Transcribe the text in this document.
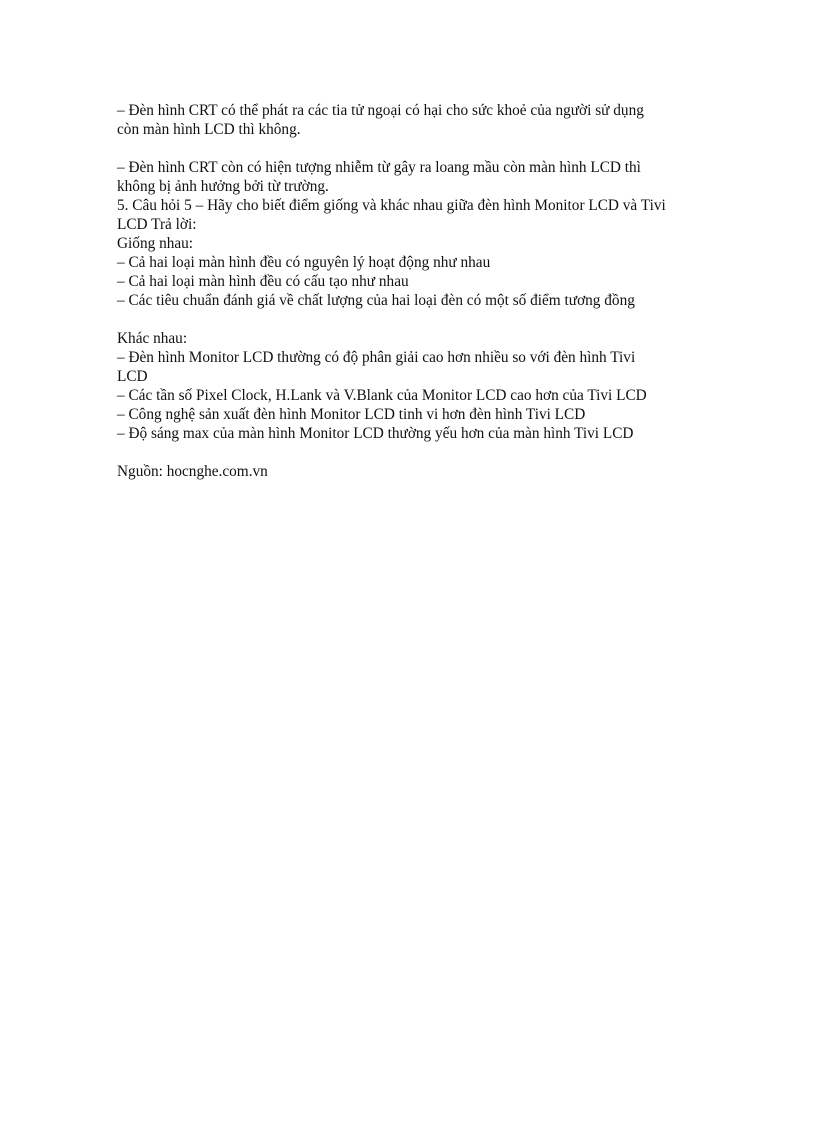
– Đèn hình CRT có thể phát ra các tia tử ngoại có hại cho sức khoẻ của người sử dụng
còn màn hình LCD thì không.
– Đèn hình CRT còn có hiện tượng nhiễm từ gây ra loang mầu còn màn hình LCD thì
không bị ảnh hưởng bởi từ trường.
5. Câu hỏi 5 – Hãy cho biết điểm giống và khác nhau giữa đèn hình Monitor LCD và Tivi
LCD Trả lời:
Giống nhau:
– Cả hai loại màn hình đều có nguyên lý hoạt động như nhau
– Cả hai loại màn hình đều có cấu tạo như nhau
– Các tiêu chuẩn đánh giá về chất lượng của hai loại đèn có một số điểm tương đồng
Khác nhau:
– Đèn hình Monitor LCD thường có độ phân giải cao hơn nhiều so với đèn hình Tivi
LCD
– Các tần số Pixel Clock, H.Lank và V.Blank của Monitor LCD cao hơn của Tivi LCD
– Công nghệ sản xuất đèn hình Monitor LCD tinh vi hơn đèn hình Tivi LCD
– Độ sáng max của màn hình Monitor LCD thường yếu hơn của màn hình Tivi LCD
Nguồn: hocnghe.com.vn
